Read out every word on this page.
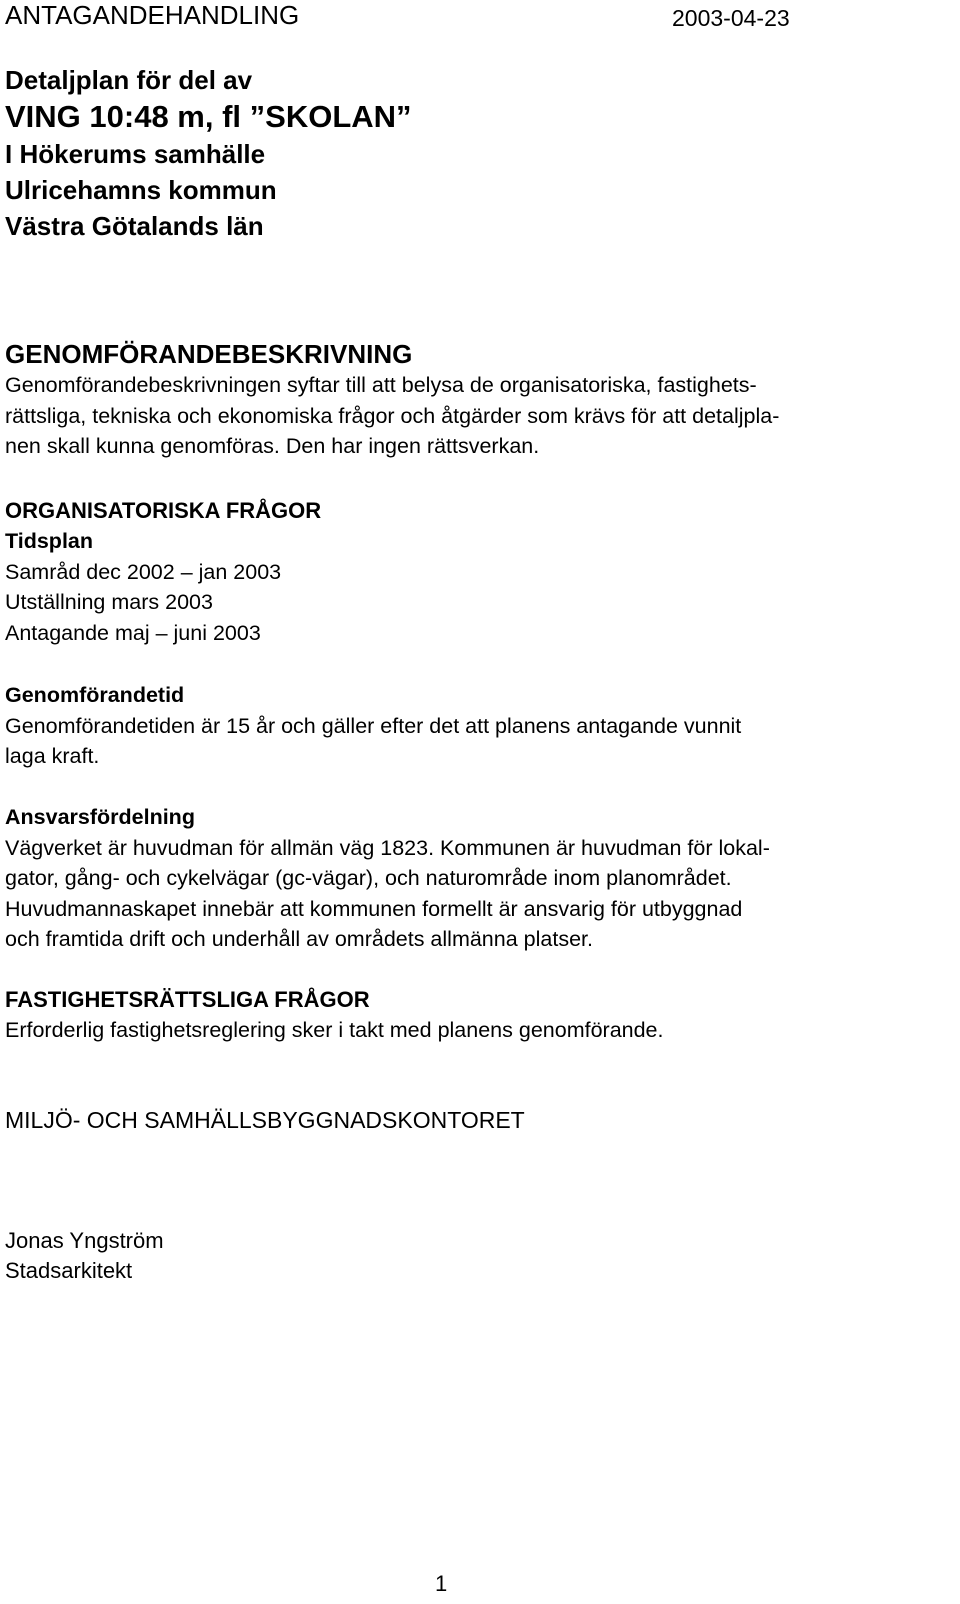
ANTAGANDEHANDLING	2003-04-23
Detaljplan för del av
VING 10:48 m, fl ”SKOLAN”
I Hökerums samhälle
Ulricehamns kommun
Västra Götalands län
GENOMFÖRANDEBESKRIVNING
Genomförandebeskrivningen syftar till att belysa de organisatoriska, fastighets-
rättsliga, tekniska och ekonomiska frågor och åtgärder som krävs för att detaljpla-
nen skall kunna genomföras. Den har ingen rättsverkan.
ORGANISATORISKA FRÅGOR
Tidsplan
Samråd dec 2002 – jan 2003
Utställning mars 2003
Antagande maj – juni 2003
Genomförandetid
Genomförandetiden är 15 år och gäller efter det att planens antagande vunnit
laga kraft.
Ansvarsfördelning
Vägverket är huvudman för allmän väg 1823. Kommunen är huvudman för lokal-
gator, gång- och cykelvägar (gc-vägar), och naturområde inom planområdet.
Huvudmannaskapet innebär att kommunen formellt är ansvarig för utbyggnad
och framtida drift och underhåll av områdets allmänna platser.
FASTIGHETSRÄTTSLIGA FRÅGOR
Erforderlig fastighetsreglering sker i takt med planens genomförande.
MILJÖ- OCH SAMHÄLLSBYGGNADSKONTORET
Jonas Yngström
Stadsarkitekt
1
